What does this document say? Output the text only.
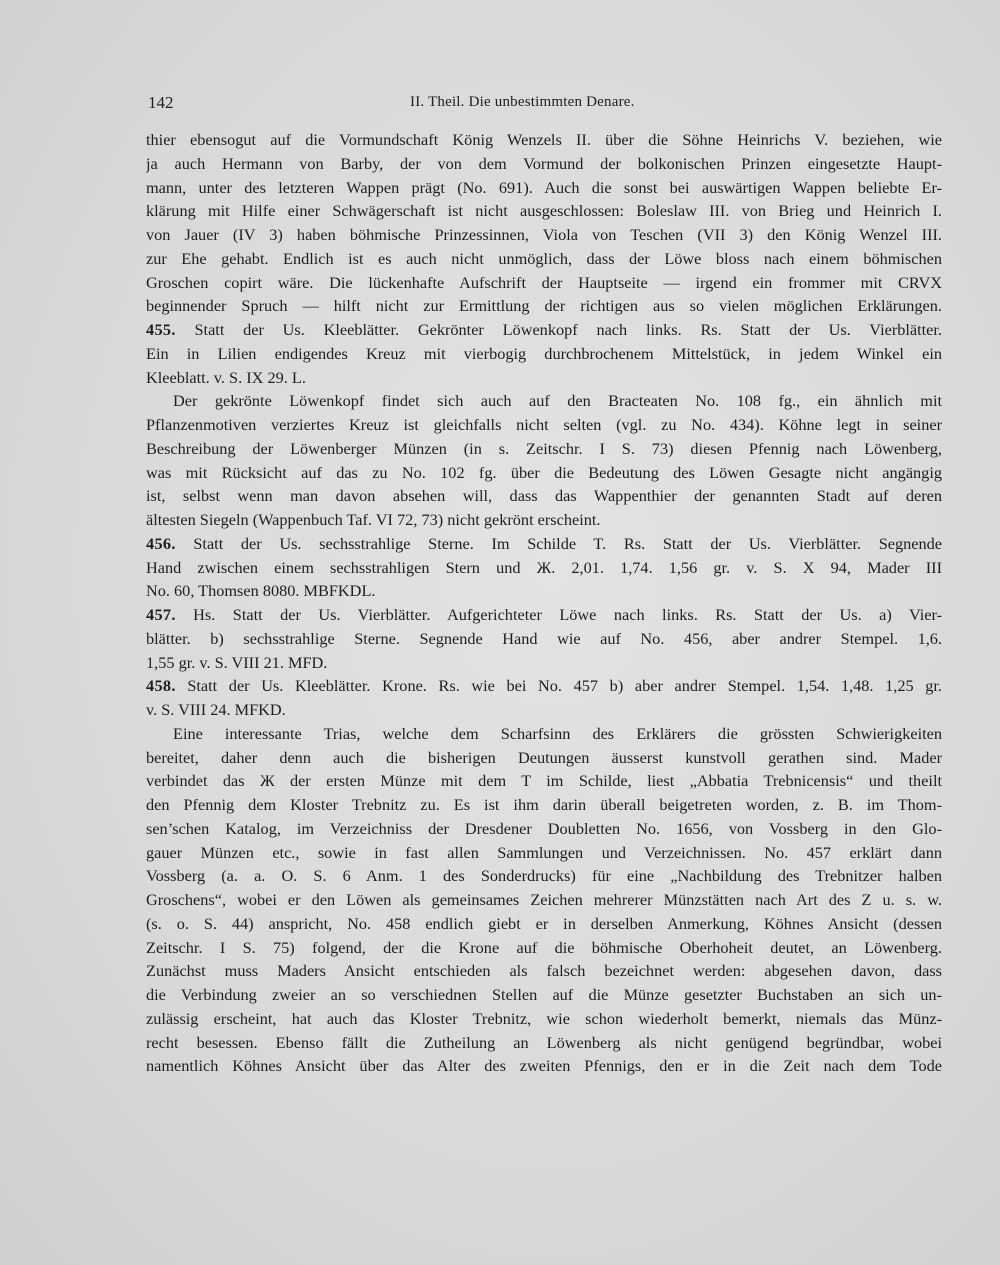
142	II. Theil. Die unbestimmten Denare.
thier ebensogut auf die Vormundschaft König Wenzels II. über die Söhne Heinrichs V. beziehen, wie
ja auch Hermann von Barby, der von dem Vormund der bolkonischen Prinzen eingesetzte Haupt-
mann, unter des letzteren Wappen prägt (No. 691). Auch die sonst bei auswärtigen Wappen beliebte Er-
klärung mit Hilfe einer Schwägerschaft ist nicht ausgeschlossen: Boleslaw III. von Brieg und Heinrich I.
von Jauer (IV 3) haben böhmische Prinzessinnen, Viola von Teschen (VII 3) den König Wenzel III.
zur Ehe gehabt. Endlich ist es auch nicht unmöglich, dass der Löwe bloss nach einem böhmischen
Groschen copirt wäre. Die lückenhafte Aufschrift der Hauptseite — irgend ein frommer mit CRVX
beginnender Spruch — hilft nicht zur Ermittlung der richtigen aus so vielen möglichen Erklärungen.
455. Statt der Us. Kleeblätter. Gekrönter Löwenkopf nach links. Rs. Statt der Us. Vierblätter.
Ein in Lilien endigendes Kreuz mit vierbogig durchbrochenem Mittelstück, in jedem Winkel ein
Kleeblatt. v. S. IX 29. L.
Der gekrönte Löwenkopf findet sich auch auf den Bracteaten No. 108 fg., ein ähnlich mit
Pflanzenmotiven verziertes Kreuz ist gleichfalls nicht selten (vgl. zu No. 434). Köhne legt in seiner
Beschreibung der Löwenberger Münzen (in s. Zeitschr. I S. 73) diesen Pfennig nach Löwenberg,
was mit Rücksicht auf das zu No. 102 fg. über die Bedeutung des Löwen Gesagte nicht angängig
ist, selbst wenn man davon absehen will, dass das Wappenthier der genannten Stadt auf deren
ältesten Siegeln (Wappenbuch Taf. VI 72, 73) nicht gekrönt erscheint.
456. Statt der Us. sechsstrahlige Sterne. Im Schilde T. Rs. Statt der Us. Vierblätter. Segnende
Hand zwischen einem sechsstrahligen Stern und Ж. 2,01. 1,74. 1,56 gr. v. S. X 94, Mader III
No. 60, Thomsen 8080. MBFKDL.
457. Hs. Statt der Us. Vierblätter. Aufgerichteter Löwe nach links. Rs. Statt der Us. a) Vier-
blätter. b) sechsstrahlige Sterne. Segnende Hand wie auf No. 456, aber andrer Stempel. 1,6.
1,55 gr. v. S. VIII 21. MFD.
458. Statt der Us. Kleeblätter. Krone. Rs. wie bei No. 457 b) aber andrer Stempel. 1,54. 1,48. 1,25 gr.
v. S. VIII 24. MFKD.
Eine interessante Trias, welche dem Scharfsinn des Erklärers die grössten Schwierigkeiten
bereitet, daher denn auch die bisherigen Deutungen äusserst kunstvoll gerathen sind. Mader
verbindet das Ж der ersten Münze mit dem T im Schilde, liest „Abbatia Trebnicensis“ und theilt
den Pfennig dem Kloster Trebnitz zu. Es ist ihm darin überall beigetreten worden, z. B. im Thom-
sen’schen Katalog, im Verzeichniss der Dresdener Doubletten No. 1656, von Vossberg in den Glo-
gauer Münzen etc., sowie in fast allen Sammlungen und Verzeichnissen. No. 457 erklärt dann
Vossberg (a. a. O. S. 6 Anm. 1 des Sonderdrucks) für eine „Nachbildung des Trebnitzer halben
Groschens“, wobei er den Löwen als gemeinsames Zeichen mehrerer Münzstätten nach Art des Z u. s. w.
(s. o. S. 44) anspricht, No. 458 endlich giebt er in derselben Anmerkung, Köhnes Ansicht (dessen
Zeitschr. I S. 75) folgend, der die Krone auf die böhmische Oberhoheit deutet, an Löwenberg.
Zunächst muss Maders Ansicht entschieden als falsch bezeichnet werden: abgesehen davon, dass
die Verbindung zweier an so verschiednen Stellen auf die Münze gesetzter Buchstaben an sich un-
zulässig erscheint, hat auch das Kloster Trebnitz, wie schon wiederholt bemerkt, niemals das Münz-
recht besessen. Ebenso fällt die Zutheilung an Löwenberg als nicht genügend begründbar, wobei
namentlich Köhnes Ansicht über das Alter des zweiten Pfennigs, den er in die Zeit nach dem Tode
